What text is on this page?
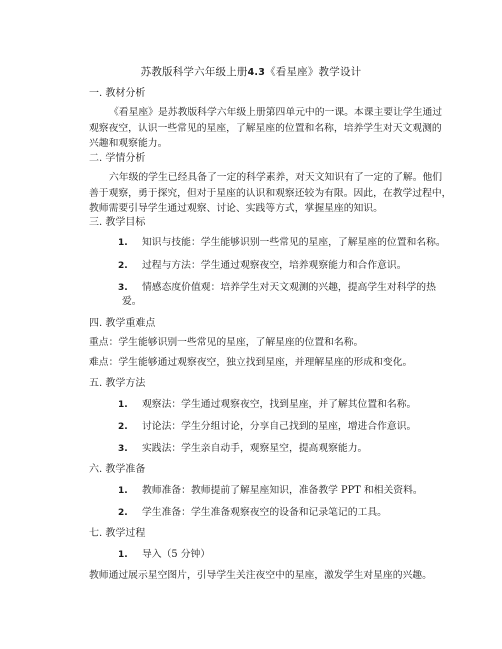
苏教版科学六年级上册4.3《看星座》教学设计
一. 教材分析
《看星座》是苏教版科学六年级上册第四单元中的一课。本课主要让学生通过
观察夜空，认识一些常见的星座，了解星座的位置和名称，培养学生对天文观测的
兴趣和观察能力。
二. 学情分析
六年级的学生已经具备了一定的科学素养，对天文知识有了一定的了解。他们
善于观察，勇于探究，但对于星座的认识和观察还较为有限。因此，在教学过程中，
教师需要引导学生通过观察、讨论、实践等方式，掌握星座的知识。
三. 教学目标
1. 知识与技能：学生能够识别一些常见的星座，了解星座的位置和名称。
2. 过程与方法：学生通过观察夜空，培养观察能力和合作意识。
3. 情感态度价值观：培养学生对天文观测的兴趣，提高学生对科学的热
爱。
四. 教学重难点
重点：学生能够识别一些常见的星座，了解星座的位置和名称。
难点：学生能够通过观察夜空，独立找到星座，并理解星座的形成和变化。
五. 教学方法
1. 观察法：学生通过观察夜空，找到星座，并了解其位置和名称。
2. 讨论法：学生分组讨论，分享自己找到的星座，增进合作意识。
3. 实践法：学生亲自动手，观察星空，提高观察能力。
六. 教学准备
1. 教师准备：教师提前了解星座知识，准备教学 PPT 和相关资料。
2. 学生准备：学生准备观察夜空的设备和记录笔记的工具。
七. 教学过程
1. 导入（5 分钟）
教师通过展示星空图片，引导学生关注夜空中的星座，激发学生对星座的兴趣。
